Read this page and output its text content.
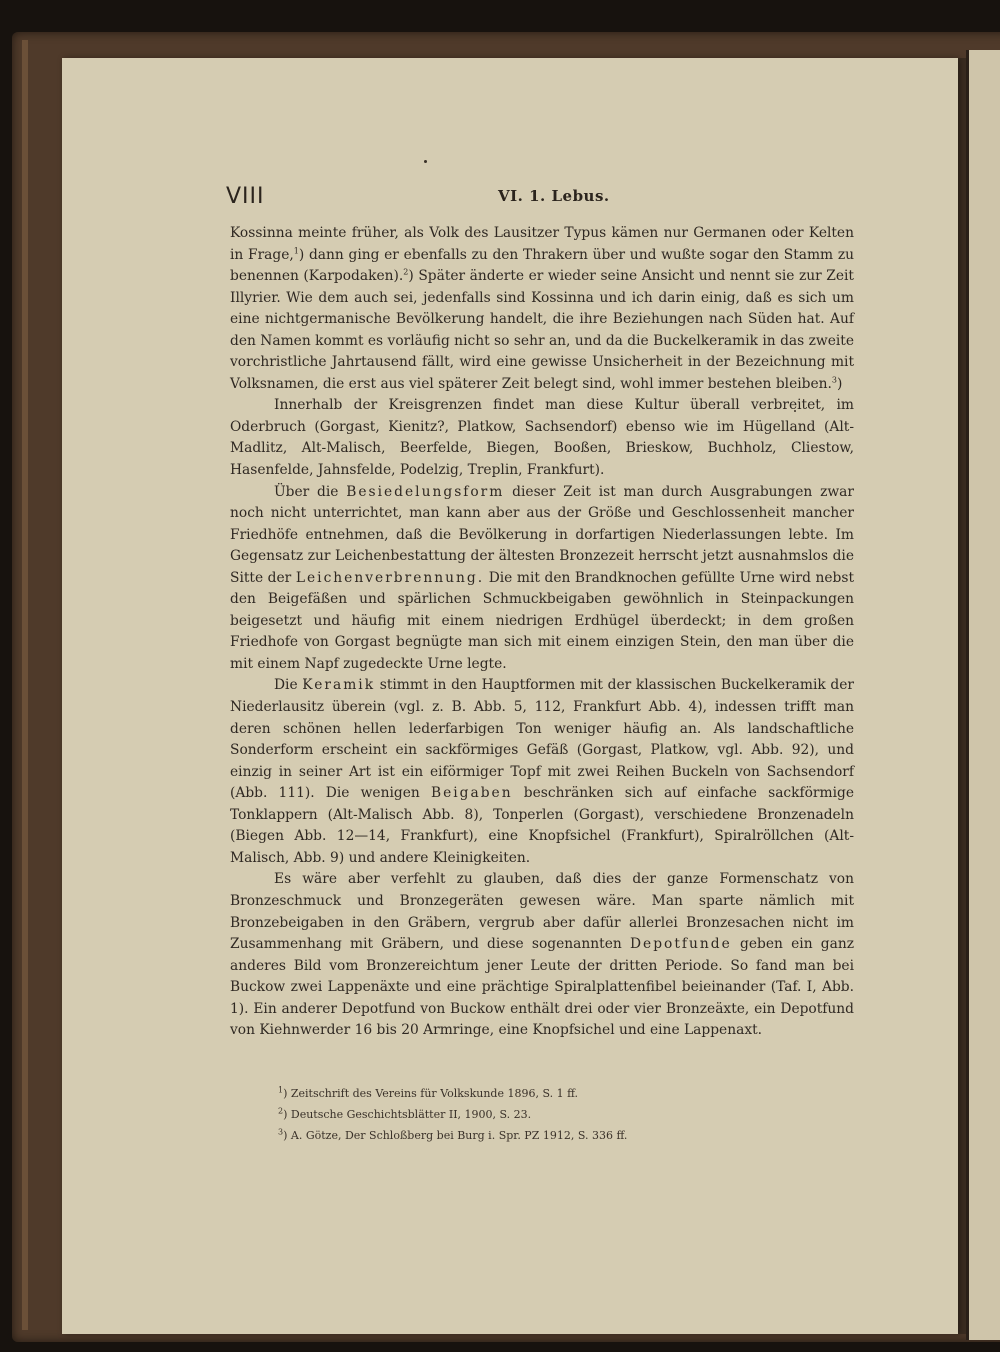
VIII	VI. 1. Lebus.

Kossinna meinte früher, als Volk des Lausitzer Typus kämen nur Germanen oder Kelten in Frage,$^1$) dann ging er ebenfalls zu den Thrakern über und wußte sogar den Stamm zu benennen (Karpodaken).$^2$) Später änderte er wieder seine Ansicht und nennt sie zur Zeit Illyrier. Wie dem auch sei, jedenfalls sind Kossinna und ich darin einig, daß es sich um eine nichtgermanische Bevölkerung handelt, die ihre Beziehungen nach Süden hat. Auf den Namen kommt es vorläufig nicht so sehr an, und da die Buckelkeramik in das zweite vorchristliche Jahrtausend fällt, wird eine gewisse Unsicherheit in der Bezeichnung mit Volksnamen, die erst aus viel späterer Zeit belegt sind, wohl immer bestehen bleiben.$^3$)

Innerhalb der Kreisgrenzen findet man diese Kultur überall verbreitet, im Oderbruch (Gorgast, Kienitz?, Platkow, Sachsendorf) ebenso wie im Hügelland (Alt-Madlitz, Alt-Malisch, Beerfelde, Biegen, Booßen, Brieskow, Buchholz, Cliestow, Hasenfelde, Jahnsfelde, Podelzig, Treplin, Frankfurt).

Über die Besiedelungsform dieser Zeit ist man durch Ausgrabungen zwar noch nicht unterrichtet, man kann aber aus der Größe und Geschlossenheit mancher Friedhöfe entnehmen, daß die Bevölkerung in dorfartigen Niederlassungen lebte. Im Gegensatz zur Leichenbestattung der ältesten Bronzezeit herrscht jetzt ausnahmslos die Sitte der Leichenverbrennung. Die mit den Brandknochen gefüllte Urne wird nebst den Beigefäßen und spärlichen Schmuckbeigaben gewöhnlich in Steinpackungen beigesetzt und häufig mit einem niedrigen Erdhügel überdeckt; in dem großen Friedhofe von Gorgast begnügte man sich mit einem einzigen Stein, den man über die mit einem Napf zugedeckte Urne legte.

Die Keramik stimmt in den Hauptformen mit der klassischen Buckelkeramik der Niederlausitz überein (vgl. z. B. Abb. 5, 112, Frankfurt Abb. 4), indessen trifft man deren schönen hellen lederfarbigen Ton weniger häufig an. Als landschaftliche Sonderform erscheint ein sackförmiges Gefäß (Gorgast, Platkow, vgl. Abb. 92), und einzig in seiner Art ist ein eiförmiger Topf mit zwei Reihen Buckeln von Sachsendorf (Abb. 111). Die wenigen Beigaben beschränken sich auf einfache sackförmige Tonklappern (Alt-Malisch Abb. 8), Tonperlen (Gorgast), verschiedene Bronzenadeln (Biegen Abb. 12—14, Frankfurt), eine Knopfsichel (Frankfurt), Spiralröllchen (Alt-Malisch, Abb. 9) und andere Kleinigkeiten.

Es wäre aber verfehlt zu glauben, daß dies der ganze Formenschatz von Bronzeschmuck und Bronzegeräten gewesen wäre. Man sparte nämlich mit Bronzebeigaben in den Gräbern, vergrub aber dafür allerlei Bronzesachen nicht im Zusammenhang mit Gräbern, und diese sogenannten Depotfunde geben ein ganz anderes Bild vom Bronzereichtum jener Leute der dritten Periode. So fand man bei Buckow zwei Lappenäxte und eine prächtige Spiralplattenfibel beieinander (Taf. I, Abb. 1). Ein anderer Depotfund von Buckow enthält drei oder vier Bronzeäxte, ein Depotfund von Kiehnwerder 16 bis 20 Armringe, eine Knopfsichel und eine Lappenaxt.

$^1$) Zeitschrift des Vereins für Volkskunde 1896, S. 1 ff.
$^2$) Deutsche Geschichtsblätter II, 1900, S. 23.
$^3$) A. Götze, Der Schloßberg bei Burg i. Spr. PZ 1912, S. 336 ff.
